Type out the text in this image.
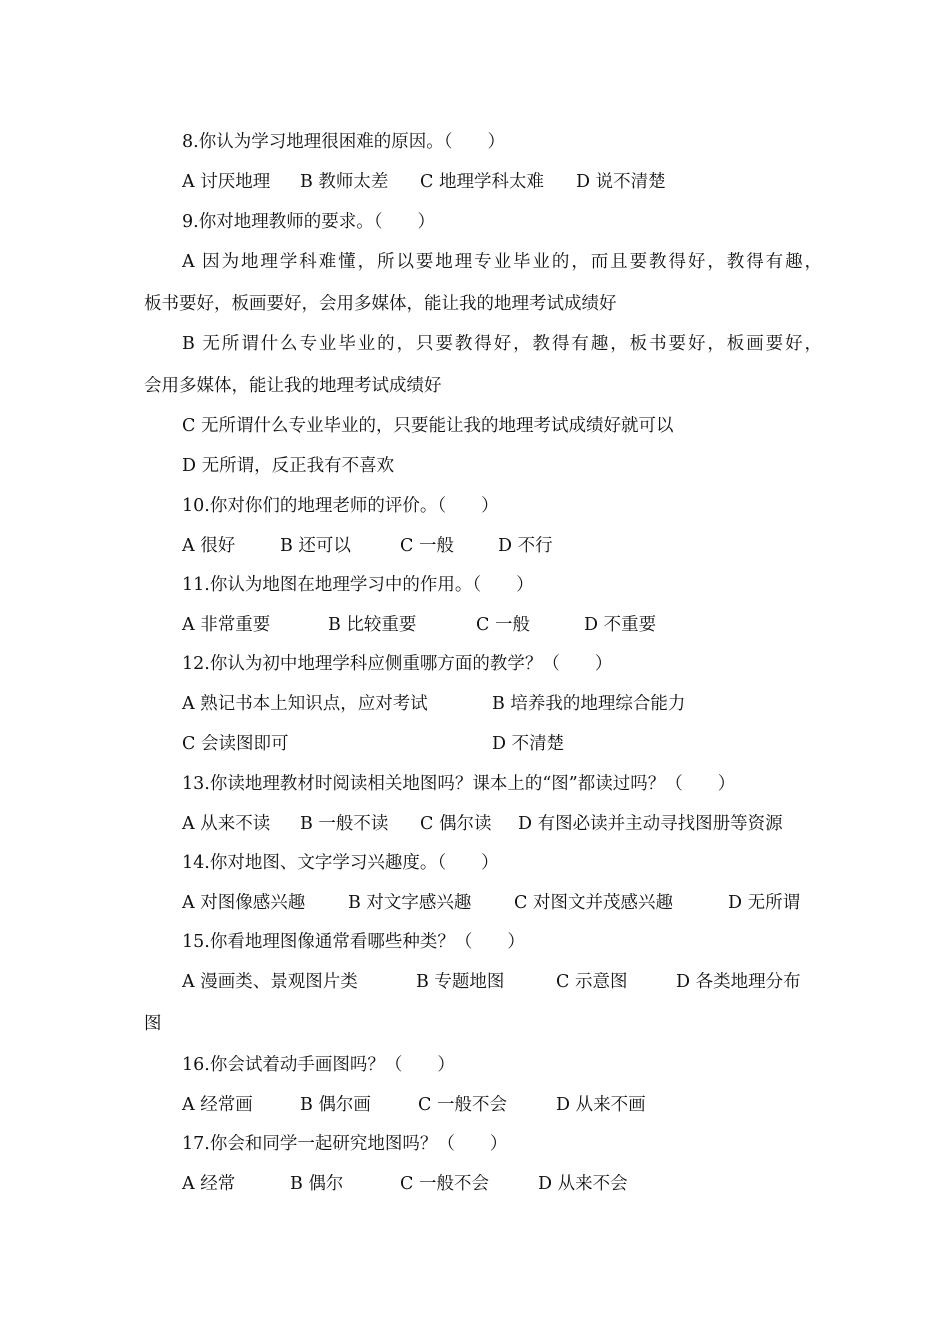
8.你认为学习地理很困难的原因。（　　）

A 讨厌地理

B 教师太差

C 地理学科太难

D 说不清楚

9.你对地理教师的要求。（　　）
A 因为地理学科难懂，所以要地理专业毕业的，而且要教得好，教得有趣，
板书要好，板画要好，会用多媒体，能让我的地理考试成绩好
B 无所谓什么专业毕业的，只要教得好，教得有趣，板书要好，板画要好，
会用多媒体，能让我的地理考试成绩好
C 无所谓什么专业毕业的，只要能让我的地理考试成绩好就可以
D 无所谓，反正我有不喜欢
10.你对你们的地理老师的评价。（　　）

A 很好

	B 还可以

	C 一般

	D 不行

11.你认为地图在地理学习中的作用。（　　）

A 非常重要

	B 比较重要

	C 一般

	D 不重要

12.你认为初中地理学科应侧重哪方面的教学？（　　）

A 熟记书本上知识点，应对考试

	B 培养我的地理综合能力

C 会读图即可

	D 不清楚

13.你读地理教材时阅读相关地图吗？课本上的“图”都读过吗？（　　）

A 从来不读

B 一般不读

C 偶尔读

D 有图必读并主动寻找图册等资源

14.你对地图、文字学习兴趣度。（　　）

A 对图像感兴趣

B 对文字感兴趣

C 对图文并茂感兴趣

	D 无所谓

15.你看地理图像通常看哪些种类？（　　）

A 漫画类、景观图片类

	B 专题地图

	C 示意图

	D 各类地理分布

图
16.你会试着动手画图吗？（　　）

A 经常画

	B 偶尔画

	C 一般不会

	D 从来不画

17.你会和同学一起研究地图吗？（　　）

A 经常

	B 偶尔

	C 一般不会

	D 从来不会
